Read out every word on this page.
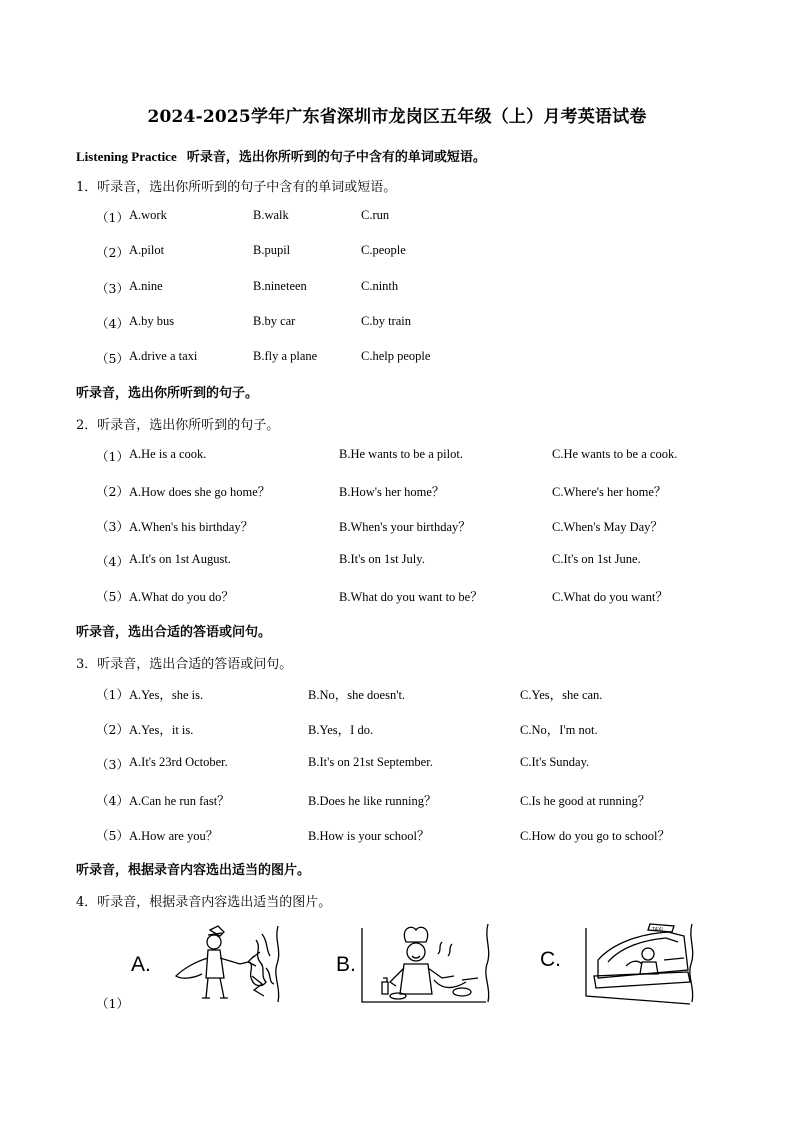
2024-2025学年广东省深圳市龙岗区五年级（上）月考英语试卷
Listening Practice 听录音，选出你所听到的句子中含有的单词或短语。
1．听录音，选出你所听到的句子中含有的单词或短语。
（1） A.work	B.walk	C.run
（2） A.pilot	B.pupil	C.people
（3） A.nine	B.nineteen	C.ninth
（4） A.by bus	B.by car	C.by train
（5） A.drive a taxi	B.fly a plane	C.help people
听录音，选出你所听到的句子。
2．听录音，选出你所听到的句子。
（1） A.He is a cook.	B.He wants to be a pilot.	C.He wants to be a cook.
（2） A.How does she go home？	B.How's her home？	C.Where's her home？
（3） A.When's his birthday？	B.When's your birthday？	C.When's May Day？
（4） A.It's on 1st August.	B.It's on 1st July.	C.It's on 1st June.
（5） A.What do you do？	B.What do you want to be？	C.What do you want？
听录音，选出合适的答语或问句。
3．听录音，选出合适的答语或问句。
（1） A.Yes，she is.	B.No，she doesn't.	C.Yes，she can.
（2） A.Yes，it is.	B.Yes，I do.	C.No，I'm not.
（3） A.It's 23rd October.	B.It's on 21st September.	C.It's Sunday.
（4） A.Can he run fast？	B.Does he like running？	C.Is he good at running？
（5） A.How are you？	B.How is your school？	C.How do you go to school？
听录音，根据录音内容选出适当的图片。
4．听录音，根据录音内容选出适当的图片。
A.	B.	C.
TAXI
（1）
